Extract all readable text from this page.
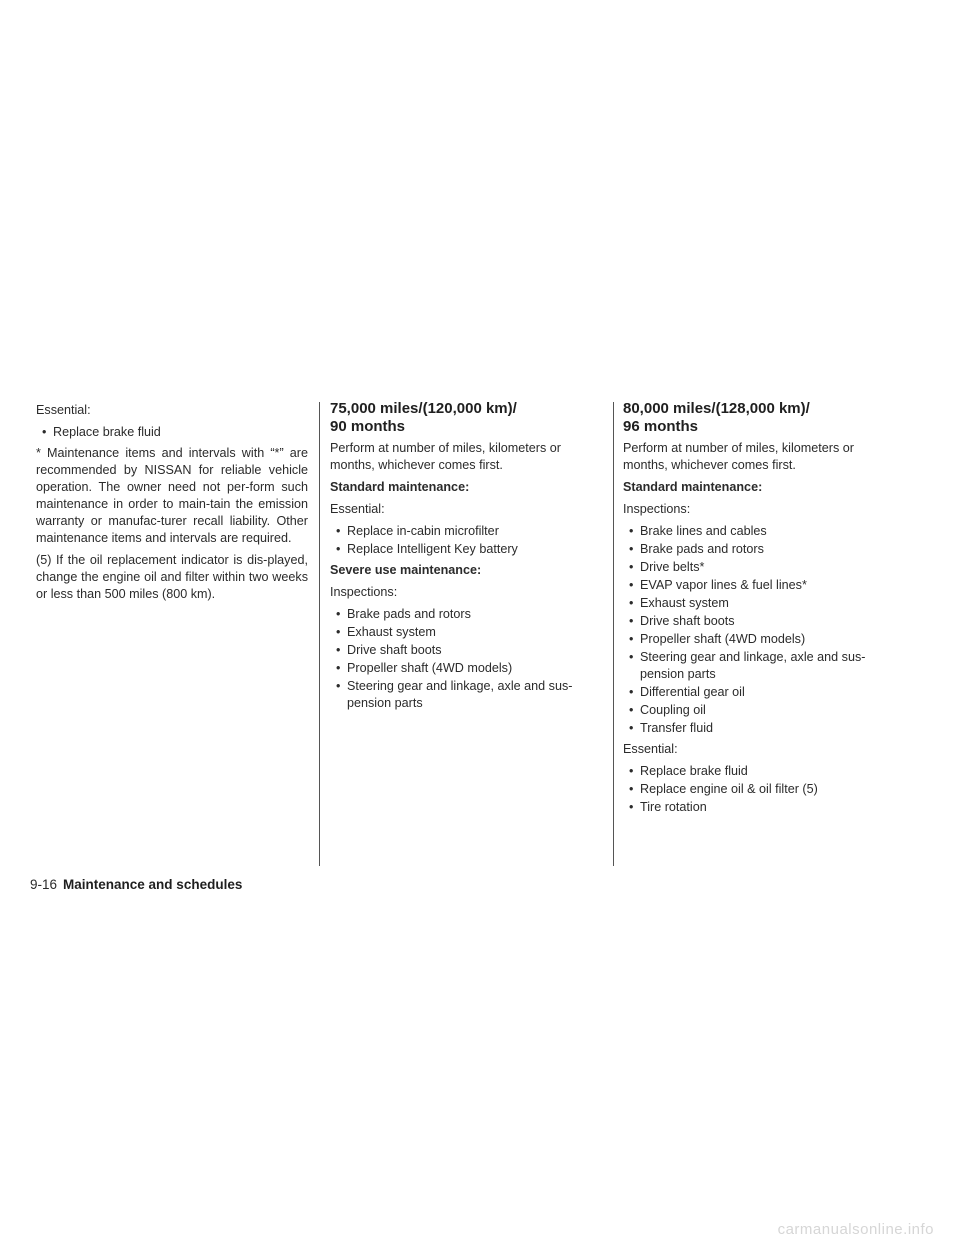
Essential:

• Replace brake fluid

* Maintenance items and intervals with “*” are recommended by NISSAN for reliable vehicle operation. The owner need not per-form such maintenance in order to main-tain the emission warranty or manufac-turer recall liability. Other maintenance items and intervals are required.

(5) If the oil replacement indicator is dis-played, change the engine oil and filter within two weeks or less than 500 miles (800 km).

75,000 miles/(120,000 km)/
90 months

Perform at number of miles, kilometers or months, whichever comes first.

Standard maintenance:

Essential:

• Replace in-cabin microfilter
• Replace Intelligent Key battery

Severe use maintenance:

Inspections:

• Brake pads and rotors
• Exhaust system
• Drive shaft boots
• Propeller shaft (4WD models)
• Steering gear and linkage, axle and sus-pension parts
80,000 miles/(128,000 km)/
96 months

Perform at number of miles, kilometers or months, whichever comes first.

Standard maintenance:

Inspections:

• Brake lines and cables
• Brake pads and rotors
• Drive belts*
• EVAP vapor lines & fuel lines*
• Exhaust system
• Drive shaft boots
• Propeller shaft (4WD models)
• Steering gear and linkage, axle and sus-pension parts
• Differential gear oil
• Coupling oil
• Transfer fluid

Essential:

• Replace brake fluid
• Replace engine oil & oil filter (5)
• Tire rotation
9-16 Maintenance and schedules
carmanualsonline.info
